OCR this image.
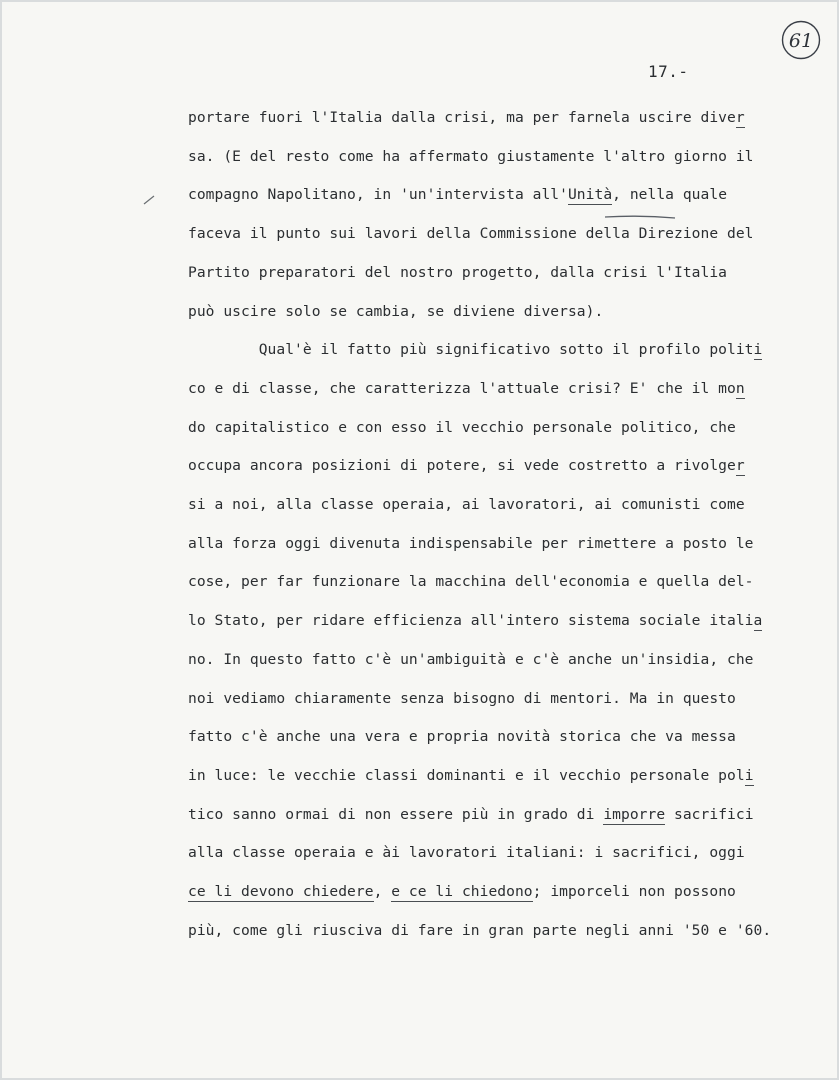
61
17.-
portare fuori l'Italia dalla crisi, ma per farnela uscire diver
sa. (E del resto come ha affermato giustamente l'altro giorno il
compagno Napolitano, in 'un'intervista all'Unità, nella quale
faceva il punto sui lavori della Commissione della Direzione del
Partito preparatori del nostro progetto, dalla crisi l'Italia
può uscire solo se cambia, se diviene diversa).
Qual'è il fatto più significativo sotto il profilo politi
co e di classe, che caratterizza l'attuale crisi? E' che il mon
do capitalistico e con esso il vecchio personale politico, che
occupa ancora posizioni di potere, si vede costretto a rivolger
si a noi, alla classe operaia, ai lavoratori, ai comunisti come
alla forza oggi divenuta indispensabile per rimettere a posto le
cose, per far funzionare la macchina dell'economia e quella del-
lo Stato, per ridare efficienza all'intero sistema sociale italia
no. In questo fatto c'è un'ambiguità e c'è anche un'insidia, che
noi vediamo chiaramente senza bisogno di mentori. Ma in questo
fatto c'è anche una vera e propria novità storica che va messa
in luce: le vecchie classi dominanti e il vecchio personale poli
tico sanno ormai di non essere più in grado di imporre sacrifici
alla classe operaia e ài lavoratori italiani: i sacrifici, oggi
ce li devono chiedere, e ce li chiedono; imporceli non possono
più, come gli riusciva di fare in gran parte negli anni '50 e '60.
